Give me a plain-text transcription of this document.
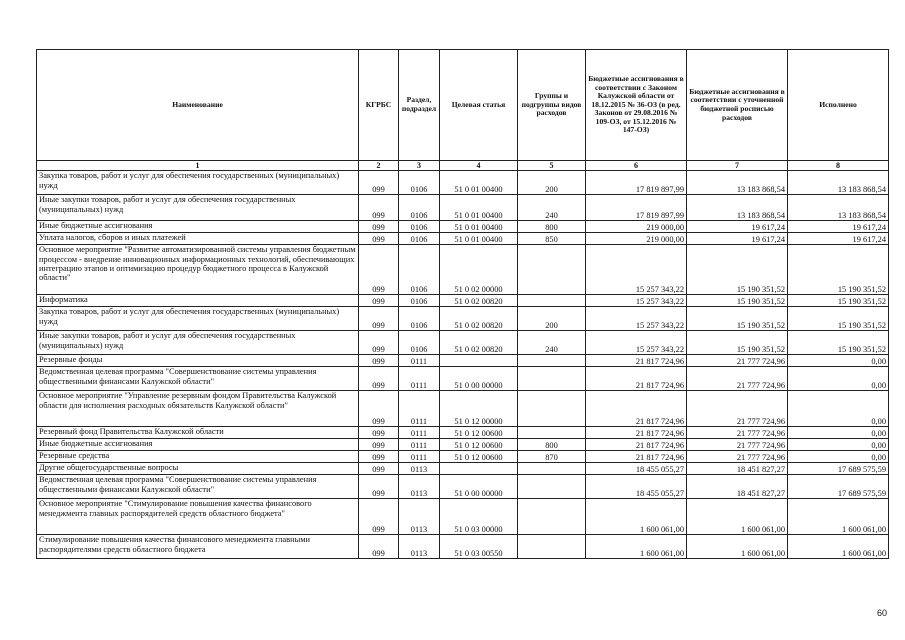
Наименование	КГРБС	Раздел, подраздел	Целевая статья	Группы и подгруппы видов расходов	Бюджетные ассигнования в соответствии с Законом Калужской области от 18.12.2015 № 36-ОЗ (в ред. Законов от 29.08.2016 № 109-ОЗ, от 15.12.2016 № 147-ОЗ)	Бюджетные ассигнования в соответствии с уточненной бюджетной росписью расходов	Исполнено
1	2	3	4	5	6	7	8
Закупка товаров, работ и услуг для обеспечения государственных (муниципальных) нужд	099	0106	51 0 01 00400	200	17 819 897,99	13 183 868,54	13 183 868,54
Иные закупки товаров, работ и услуг для обеспечения государственных (муниципальных) нужд	099	0106	51 0 01 00400	240	17 819 897,99	13 183 868,54	13 183 868,54
Иные бюджетные ассигнования	099	0106	51 0 01 00400	800	219 000,00	19 617,24	19 617,24
Уплата налогов, сборов и иных платежей	099	0106	51 0 01 00400	850	219 000,00	19 617,24	19 617,24
Основное мероприятие "Развитие автоматизированной системы управления бюджетным процессом - внедрение инновационных информационных технологий, обеспечивающих интеграцию этапов и оптимизацию процедур бюджетного процесса в Калужской области"	099	0106	51 0 02 00000		15 257 343,22	15 190 351,52	15 190 351,52
Информатика	099	0106	51 0 02 00820		15 257 343,22	15 190 351,52	15 190 351,52
Закупка товаров, работ и услуг для обеспечения государственных (муниципальных) нужд	099	0106	51 0 02 00820	200	15 257 343,22	15 190 351,52	15 190 351,52
Иные закупки товаров, работ и услуг для обеспечения государственных (муниципальных) нужд	099	0106	51 0 02 00820	240	15 257 343,22	15 190 351,52	15 190 351,52
Резервные фонды	099	0111			21 817 724,96	21 777 724,96	0,00
Ведомственная целевая программа "Совершенствование системы управления общественными финансами Калужской области"	099	0111	51 0 00 00000		21 817 724,96	21 777 724,96	0,00
Основное мероприятие "Управление резервным фондом Правительства Калужской области для исполнения расходных обязательств Калужской области"	099	0111	51 0 12 00000		21 817 724,96	21 777 724,96	0,00
Резервный фонд Правительства Калужской области	099	0111	51 0 12 00600		21 817 724,96	21 777 724,96	0,00
Иные бюджетные ассигнования	099	0111	51 0 12 00600	800	21 817 724,96	21 777 724,96	0,00
Резервные средства	099	0111	51 0 12 00600	870	21 817 724,96	21 777 724,96	0,00
Другие общегосударственные вопросы	099	0113			18 455 055,27	18 451 827,27	17 689 575,59
Ведомственная целевая программа "Совершенствование системы управления общественными финансами Калужской области"	099	0113	51 0 00 00000		18 455 055,27	18 451 827,27	17 689 575,59
Основное мероприятие "Стимулирование повышения качества финансового менеджмента главных распорядителей средств областного бюджета"	099	0113	51 0 03 00000		1 600 061,00	1 600 061,00	1 600 061,00
Стимулирование повышения качества финансового менеджмента главными распорядителями средств областного бюджета	099	0113	51 0 03 00550		1 600 061,00	1 600 061,00	1 600 061,00
60
